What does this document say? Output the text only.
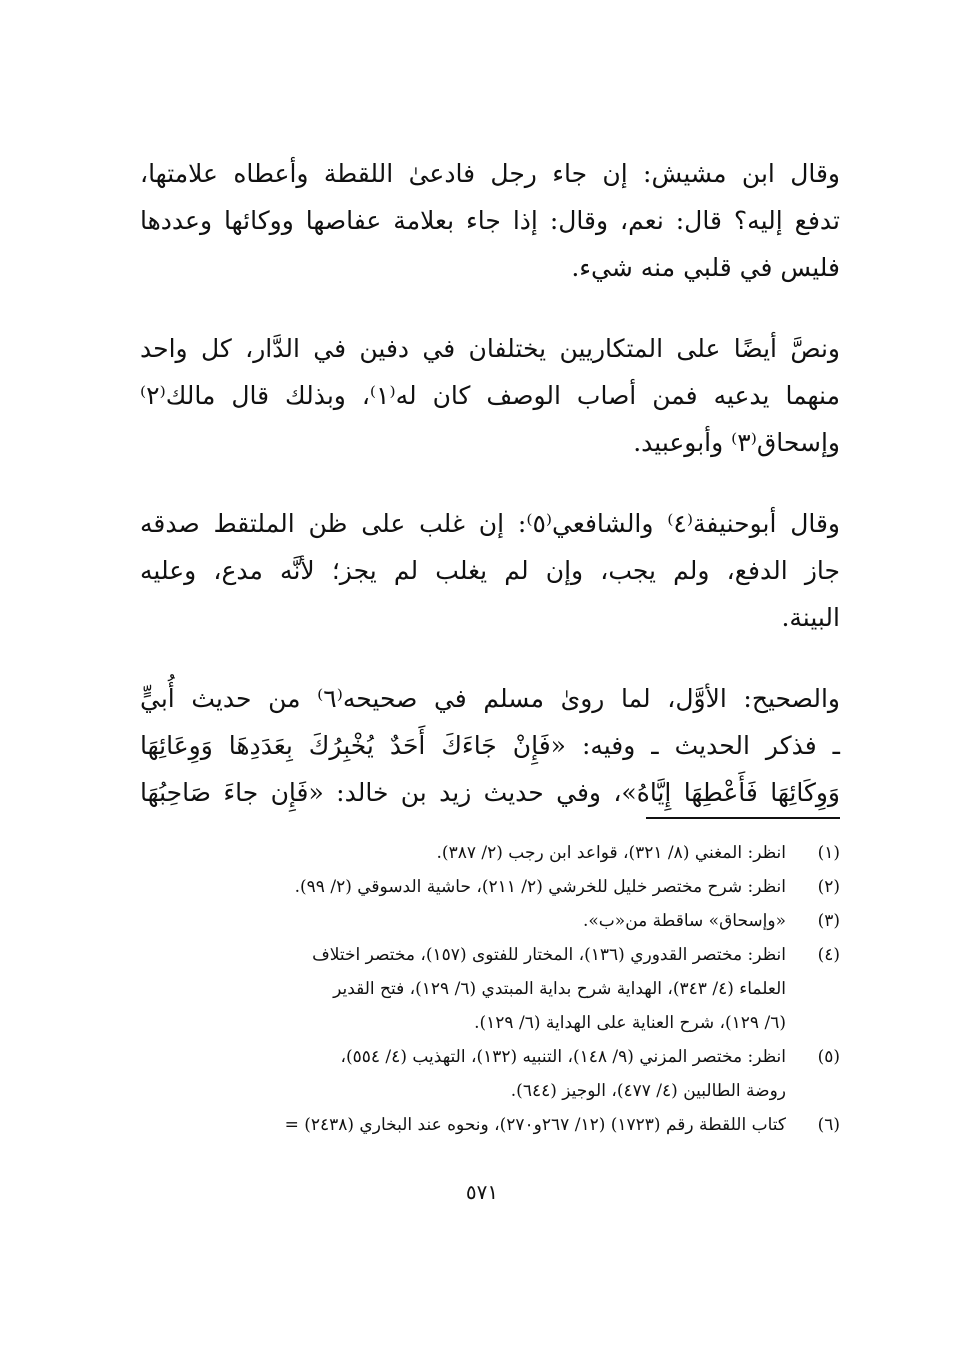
وقال ابن مشيش: إن جاء رجل فادعىٰ اللقطة وأعطاه علامتها،
تدفع إليه؟ قال: نعم، وقال: إذا جاء بعلامة عفاصها ووكائها وعددها
فليس في قلبي منه شيء.

ونصَّ أيضًا على المتكاريين يختلفان في دفين في الدَّار، كل واحد
منهما يدعيه فمن أصاب الوصف كان له⁽١⁾، وبذلك قال مالك⁽٢⁾
وإسحاق⁽٣⁾ وأبوعبيد.

وقال أبوحنيفة⁽٤⁾ والشافعي⁽٥⁾: إن غلب على ظن الملتقط صدقه
جاز الدفع، ولم يجب، وإن لم يغلب لم يجز؛ لأنَّه مدع، وعليه
البينة.

والصحيح: الأوَّل، لما روىٰ مسلم في صحيحه⁽٦⁾ من حديث أُبيٍّ
ـ فذكر الحديث ـ وفيه: «فَإِنْ جَاءَكَ أَحَدٌ يُخْبِرُكَ بِعَدَدِهَا وَوِعَائِهَا
وَوِكَائِهَا فَأَعْطِهَا إِيَّاهُ»، وفي حديث زيد بن خالد: «فَإِن جاءَ صَاحِبُهَا

(١)
انظر: المغني (٨/ ٣٢١)، قواعد ابن رجب (٢/ ٣٨٧).
(٢)
انظر: شرح مختصر خليل للخرشي (٢/ ٢١١)، حاشية الدسوقي (٢/ ٩٩).
(٣)
«وإسحاق» ساقطة من«ب».
(٤)
انظر: مختصر القدوري (١٣٦)، المختار للفتوى (١٥٧)، مختصر اختلاف
العلماء (٤/ ٣٤٣)، الهداية شرح بداية المبتدي (٦/ ١٢٩)، فتح القدير
(٦/ ١٢٩)، شرح العناية على الهداية (٦/ ١٢٩).
(٥)
انظر: مختصر المزني (٩/ ١٤٨)، التنبيه (١٣٢)، التهذيب (٤/ ٥٥٤)،
روضة الطالبين (٤/ ٤٧٧)، الوجيز (٦٤٤).
(٦)
كتاب اللقطة رقم (١٧٢٣) (١٢/ ٢٦٧و٢٧٠)، ونحوه عند البخاري (٢٤٣٨) =
٥٧١
